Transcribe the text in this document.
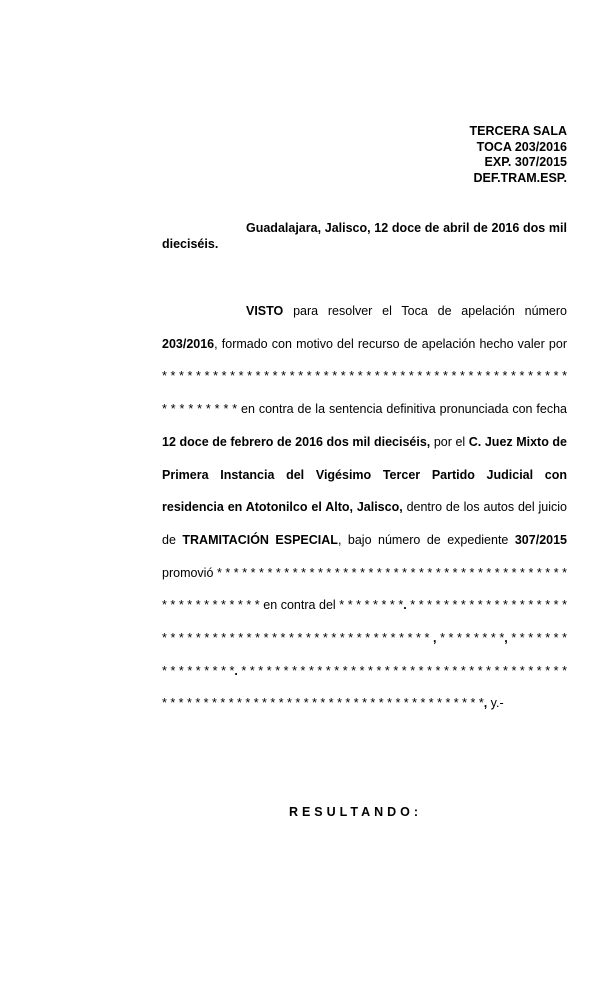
TERCERA SALA
TOCA 203/2016
EXP. 307/2015
DEF.TRAM.ESP.
Guadalajara, Jalisco, 12 doce de abril de 2016 dos mil dieciséis.
VISTO para resolver el Toca de apelación número 203/2016, formado con motivo del recurso de apelación hecho valer por * * * * * * * * * * * * * * * * * * * * * * * * * * * * * * * * * * * * * * * * * * * * * * * * * * * * * * * * * en contra de la sentencia definitiva pronunciada con fecha 12 doce de febrero de 2016 dos mil dieciséis, por el C. Juez Mixto de Primera Instancia del Vigésimo Tercer Partido Judicial con residencia en Atotonilco el Alto, Jalisco, dentro de los autos del juicio de TRAMITACIÓN ESPECIAL, bajo número de expediente 307/2015 promovió * * * * * * * * * * * * * * * * * * * * * * * * * * * * * * * * * * * * * * * * * * * * * * * * * * * * * * en contra del * * * * * * * *. * * * * * * * * * * * * * * * * * * * * * * * * * * * * * * * * * * * * * * * * * * * * * * * * * * * , * * * * * * * *, * * * * * * * * * * * * * * * *. * * * * * * * * * * * * * * * * * * * * * * * * * * * * * * * * * * * * * * * * * * * * * * * * * * * * * * * * * * * * * * * * * * * * * * * * * * * * * *, y.-
RESULTANDO:
